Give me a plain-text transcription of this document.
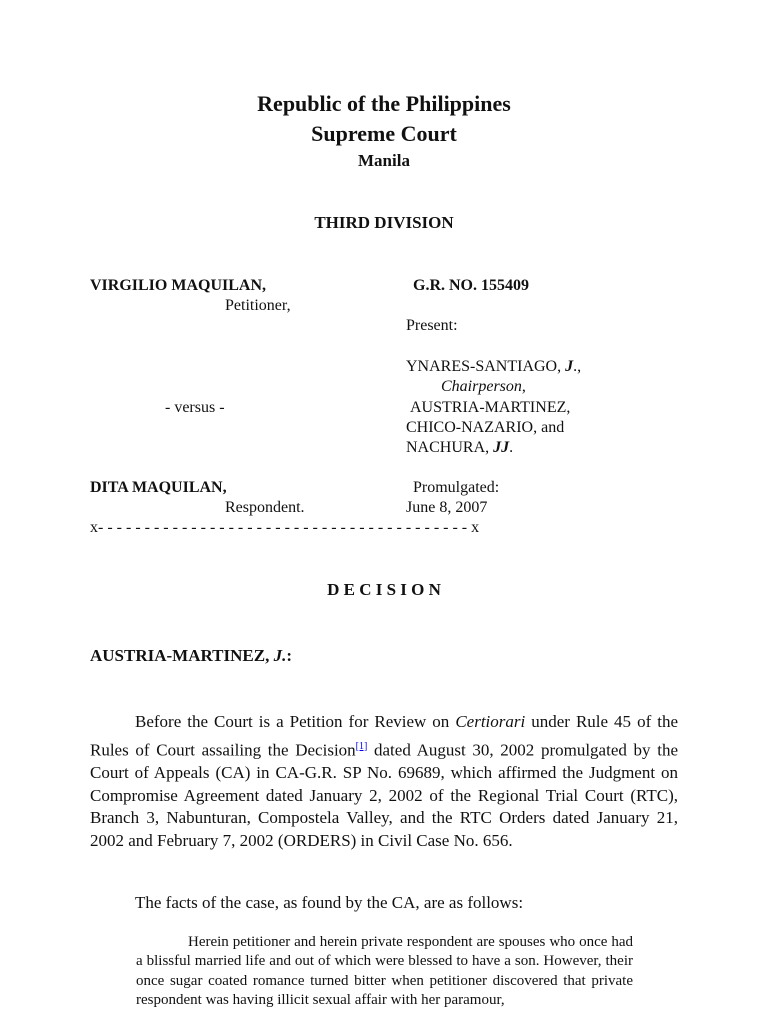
Republic of the Philippines
Supreme Court
Manila
THIRD DIVISION
VIRGILIO MAQUILAN,
Petitioner,
- versus -
DITA MAQUILAN,
Respondent.
G.R. NO. 155409
Present:
YNARES-SANTIAGO, J.,
Chairperson,
AUSTRIA-MARTINEZ,
CHICO-NAZARIO, and
NACHURA, JJ.
Promulgated:
June 8, 2007
x- - - - - - - - - - - - - - - - - - - - - - - - - - - - - - - - - - - - - - - - x
D E C I S I O N
AUSTRIA-MARTINEZ, J.:

Before the Court is a Petition for Review on Certiorari under Rule 45 of the Rules of Court assailing the Decision[1] dated August 30, 2002 promulgated by the Court of Appeals (CA) in CA-G.R. SP No. 69689, which affirmed the Judgment on Compromise Agreement dated January 2, 2002 of the Regional Trial Court (RTC), Branch 3, Nabunturan, Compostela Valley, and the RTC Orders dated January 21, 2002 and February 7, 2002 (ORDERS) in Civil Case No. 656.

The facts of the case, as found by the CA, are as follows:

Herein petitioner and herein private respondent are spouses who once had a blissful married life and out of which were blessed to have a son. However, their once sugar coated romance turned bitter when petitioner discovered that private respondent was having illicit sexual affair with her paramour,
